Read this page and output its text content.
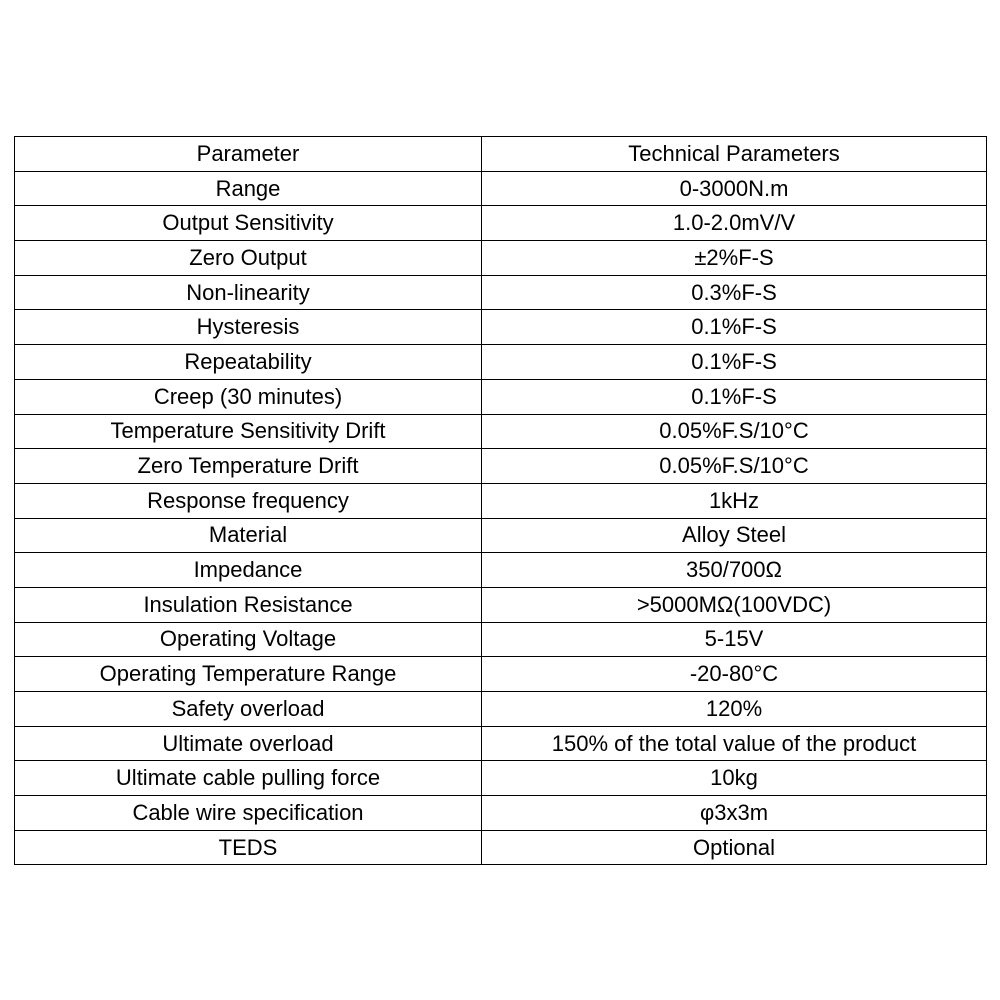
Parameter	Technical Parameters
Range	0-3000N.m
Output Sensitivity	1.0-2.0mV/V
Zero Output	±2%F-S
Non-linearity	0.3%F-S
Hysteresis	0.1%F-S
Repeatability	0.1%F-S
Creep (30 minutes)	0.1%F-S
Temperature Sensitivity Drift	0.05%F.S/10°C
Zero Temperature Drift	0.05%F.S/10°C
Response frequency	1kHz
Material	Alloy Steel
Impedance	350/700Ω
Insulation Resistance	>5000MΩ(100VDC)
Operating Voltage	5-15V
Operating Temperature Range	-20-80°C
Safety overload	120%
Ultimate overload	150% of the total value of the product
Ultimate cable pulling force	10kg
Cable wire specification	φ3x3m
TEDS	Optional
